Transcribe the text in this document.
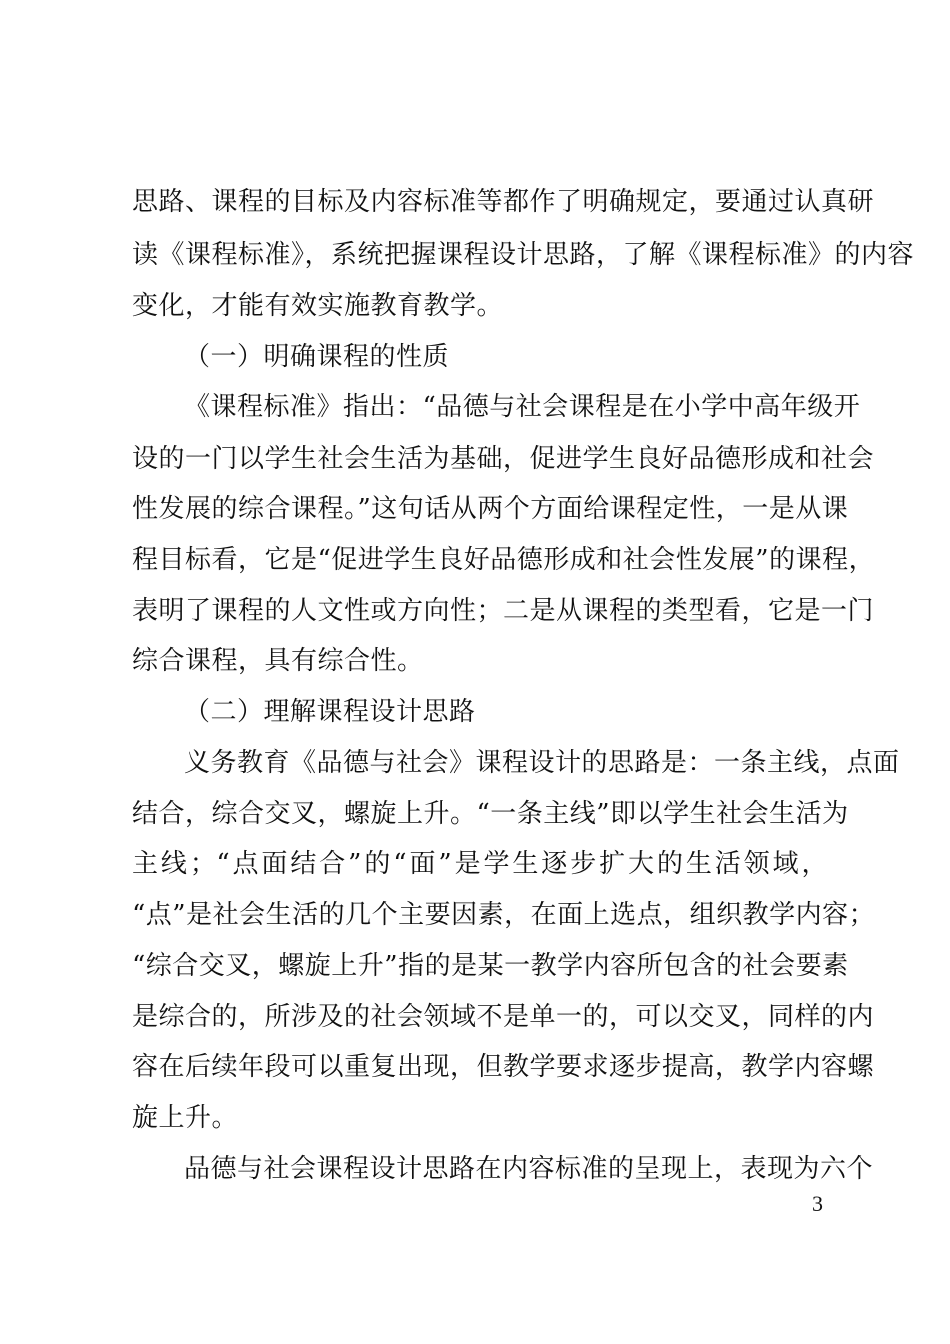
思路、课程的目标及内容标准等都作了明确规定，要通过认真研
读《课程标准》，系统把握课程设计思路，了解《课程标准》的内容
变化，才能有效实施教育教学。
（一）明确课程的性质
《课程标准》指出：“品德与社会课程是在小学中高年级开
设的一门以学生社会生活为基础，促进学生良好品德形成和社会
性发展的综合课程。”这句话从两个方面给课程定性，一是从课
程目标看，它是“促进学生良好品德形成和社会性发展”的课程，
表明了课程的人文性或方向性；二是从课程的类型看，它是一门
综合课程，具有综合性。
（二）理解课程设计思路
义务教育《品德与社会》课程设计的思路是：一条主线，点面
结合，综合交叉，螺旋上升。“一条主线”即以学生社会生活为
主线；“点面结合”的“面”是学生逐步扩大的生活领域，
“点”是社会生活的几个主要因素，在面上选点，组织教学内容；
“综合交叉，螺旋上升”指的是某一教学内容所包含的社会要素
是综合的，所涉及的社会领域不是单一的，可以交叉，同样的内
容在后续年段可以重复出现，但教学要求逐步提高，教学内容螺
旋上升。
品德与社会课程设计思路在内容标准的呈现上，表现为六个
3
